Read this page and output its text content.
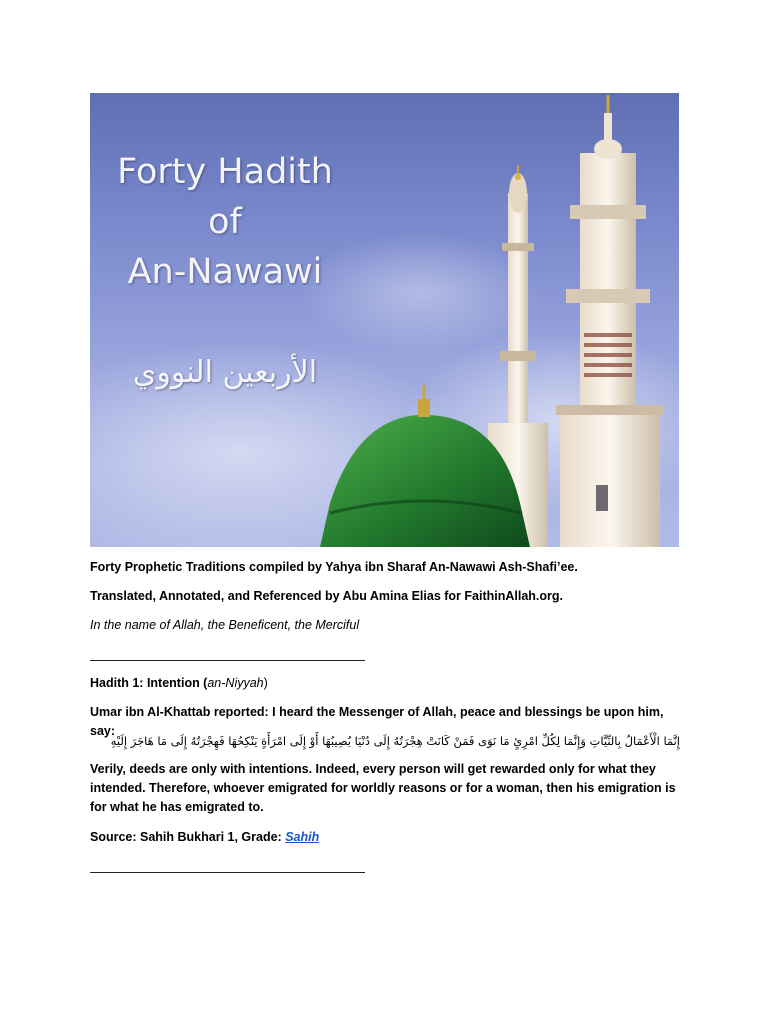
Forty Hadith
of
An-Nawawi
الأربعين النووي
Forty Prophetic Traditions compiled by Yahya ibn Sharaf An-Nawawi Ash-Shafi’ee.
Translated, Annotated, and Referenced by Abu Amina Elias for FaithinAllah.org.
In the name of Allah, the Beneficent, the Merciful
Hadith 1: Intention (an-Niyyah)
Umar ibn Al-Khattab reported: I heard the Messenger of Allah, peace and blessings be upon him, say:
إِنَّمَا الْأَعْمَالُ بِالنِّيَّاتِ وَإِنَّمَا لِكُلِّ امْرِئٍ مَا نَوَى فَمَنْ كَانَتْ هِجْرَتُهُ إِلَى دُنْيَا يُصِيبُهَا أَوْ إِلَى امْرَأَةٍ يَنْكِحُهَا فَهِجْرَتُهُ إِلَى مَا هَاجَرَ إِلَيْهِ
Verily, deeds are only with intentions. Indeed, every person will get rewarded only for what they
intended. Therefore, whoever emigrated for worldly reasons or for a woman, then his emigration is
for what he has emigrated to.
Source: Sahih Bukhari 1, Grade: Sahih
